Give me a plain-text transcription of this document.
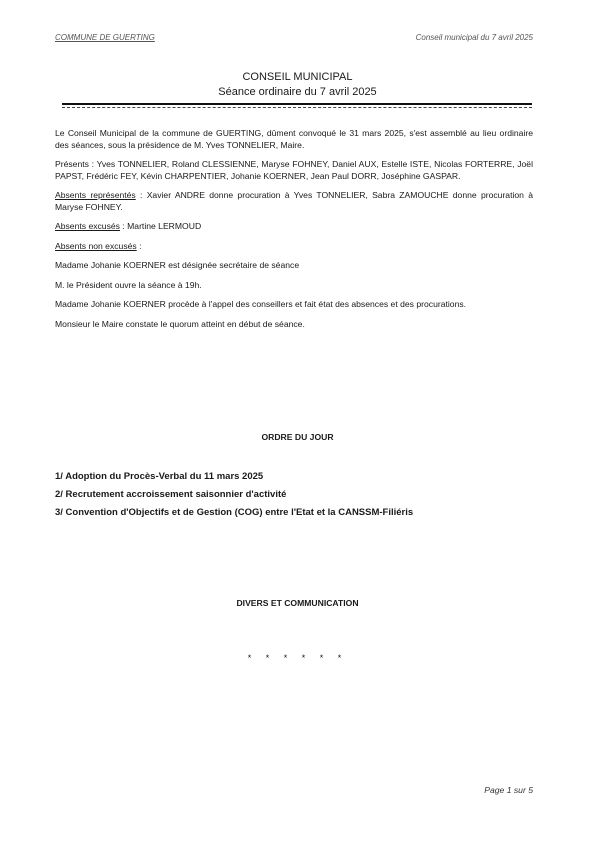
COMMUNE DE GUERTING	Conseil municipal du 7 avril 2025
CONSEIL MUNICIPAL
Séance ordinaire du 7 avril 2025

Le Conseil Municipal de la commune de GUERTING, dûment convoqué le 31 mars 2025, s'est assemblé au lieu ordinaire des séances, sous la présidence de M. Yves TONNELIER, Maire.

Présents : Yves TONNELIER, Roland CLESSIENNE, Maryse FOHNEY, Daniel AUX, Estelle ISTE, Nicolas FORTERRE, Joël PAPST, Frédéric FEY, Kévin CHARPENTIER, Johanie KOERNER, Jean Paul DORR, Joséphine GASPAR.

Absents représentés : Xavier ANDRE donne procuration à Yves TONNELIER, Sabra ZAMOUCHE donne procuration à Maryse FOHNEY.

Absents excusés : Martine LERMOUD

Absents non excusés :

Madame Johanie KOERNER est désignée secrétaire de séance

M. le Président ouvre la séance à 19h.

Madame Johanie KOERNER procède à l'appel des conseillers et fait état des absences et des procurations.

Monsieur le Maire constate le quorum atteint en début de séance.

ORDRE DU JOUR
1/ Adoption du Procès-Verbal du 11 mars 2025
2/ Recrutement accroissement saisonnier d'activité
3/ Convention d'Objectifs et de Gestion (COG) entre l'Etat et la CANSSM-Filiéris
DIVERS ET COMMUNICATION
* * * * * *
Page 1 sur 5
